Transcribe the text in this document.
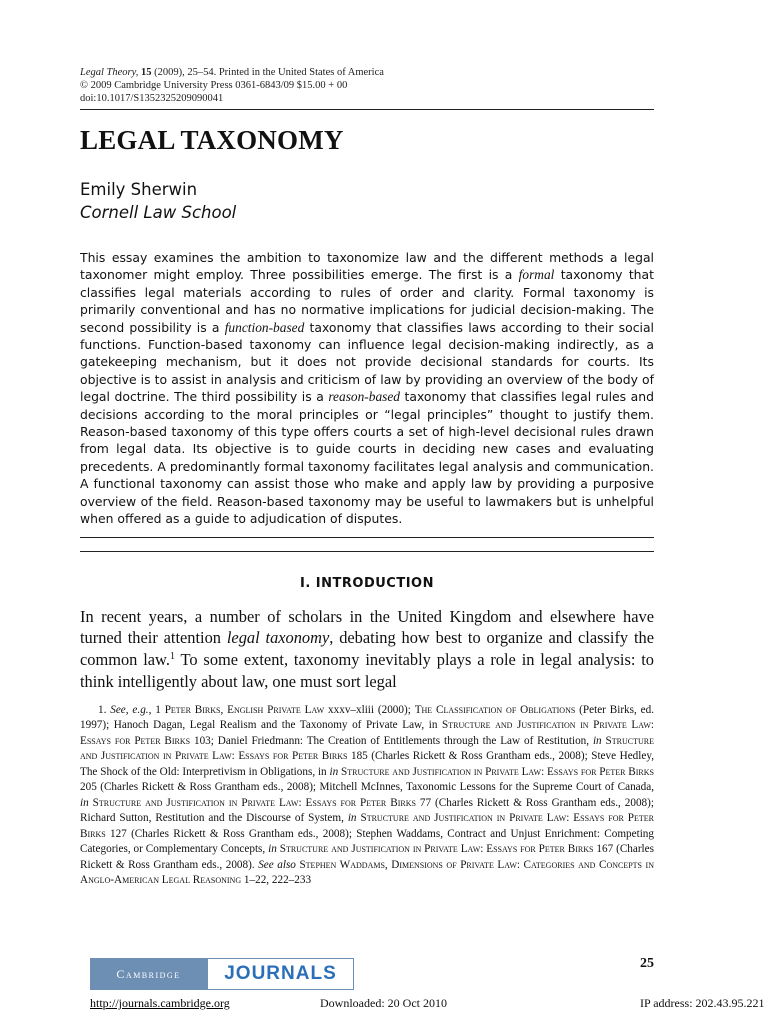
Legal Theory, 15 (2009), 25–54. Printed in the United States of America
© 2009 Cambridge University Press 0361-6843/09 $15.00 + 00
doi:10.1017/S1352325209090041
LEGAL TAXONOMY
Emily Sherwin
Cornell Law School
This essay examines the ambition to taxonomize law and the different methods a legal taxonomer might employ. Three possibilities emerge. The first is a formal taxonomy that classifies legal materials according to rules of order and clarity. Formal taxonomy is primarily conventional and has no normative implications for judicial decision-making. The second possibility is a function-based taxonomy that classifies laws according to their social functions. Function-based taxonomy can influence legal decision-making indirectly, as a gatekeeping mechanism, but it does not provide decisional standards for courts. Its objective is to assist in analysis and criticism of law by providing an overview of the body of legal doctrine. The third possibility is a reason-based taxonomy that classifies legal rules and decisions according to the moral principles or “legal principles” thought to justify them. Reason-based taxonomy of this type offers courts a set of high-level decisional rules drawn from legal data. Its objective is to guide courts in deciding new cases and evaluating precedents. A predominantly formal taxonomy facilitates legal analysis and communication. A functional taxonomy can assist those who make and apply law by providing a purposive overview of the field. Reason-based taxonomy may be useful to lawmakers but is unhelpful when offered as a guide to adjudication of disputes.
I. INTRODUCTION
In recent years, a number of scholars in the United Kingdom and elsewhere have turned their attention legal taxonomy, debating how best to organize and classify the common law.$^1$ To some extent, taxonomy inevitably plays a role in legal analysis: to think intelligently about law, one must sort legal
1. See, e.g., 1 Peter Birks, English Private Law xxxv–xliii (2000); The Classification of Obligations (Peter Birks, ed. 1997); Hanoch Dagan, Legal Realism and the Taxonomy of Private Law, in Structure and Justification in Private Law: Essays for Peter Birks 103; Daniel Friedmann: The Creation of Entitlements through the Law of Restitution, in Structure and Justification in Private Law: Essays for Peter Birks 185 (Charles Rickett & Ross Grantham eds., 2008); Steve Hedley, The Shock of the Old: Interpretivism in Obligations, in in Structure and Justification in Private Law: Essays for Peter Birks 205 (Charles Rickett & Ross Grantham eds., 2008); Mitchell McInnes, Taxonomic Lessons for the Supreme Court of Canada, in Structure and Justification in Private Law: Essays for Peter Birks 77 (Charles Rickett & Ross Grantham eds., 2008); Richard Sutton, Restitution and the Discourse of System, in Structure and Justification in Private Law: Essays for Peter Birks 127 (Charles Rickett & Ross Grantham eds., 2008); Stephen Waddams, Contract and Unjust Enrichment: Competing Categories, or Complementary Concepts, in Structure and Justification in Private Law: Essays for Peter Birks 167 (Charles Rickett & Ross Grantham eds., 2008). See also Stephen Waddams, Dimensions of Private Law: Categories and Concepts in Anglo-American Legal Reasoning 1–22, 222–233
25
Cambridge	JOURNALS
http://journals.cambridge.org	Downloaded: 20 Oct 2010	IP address: 202.43.95.221
